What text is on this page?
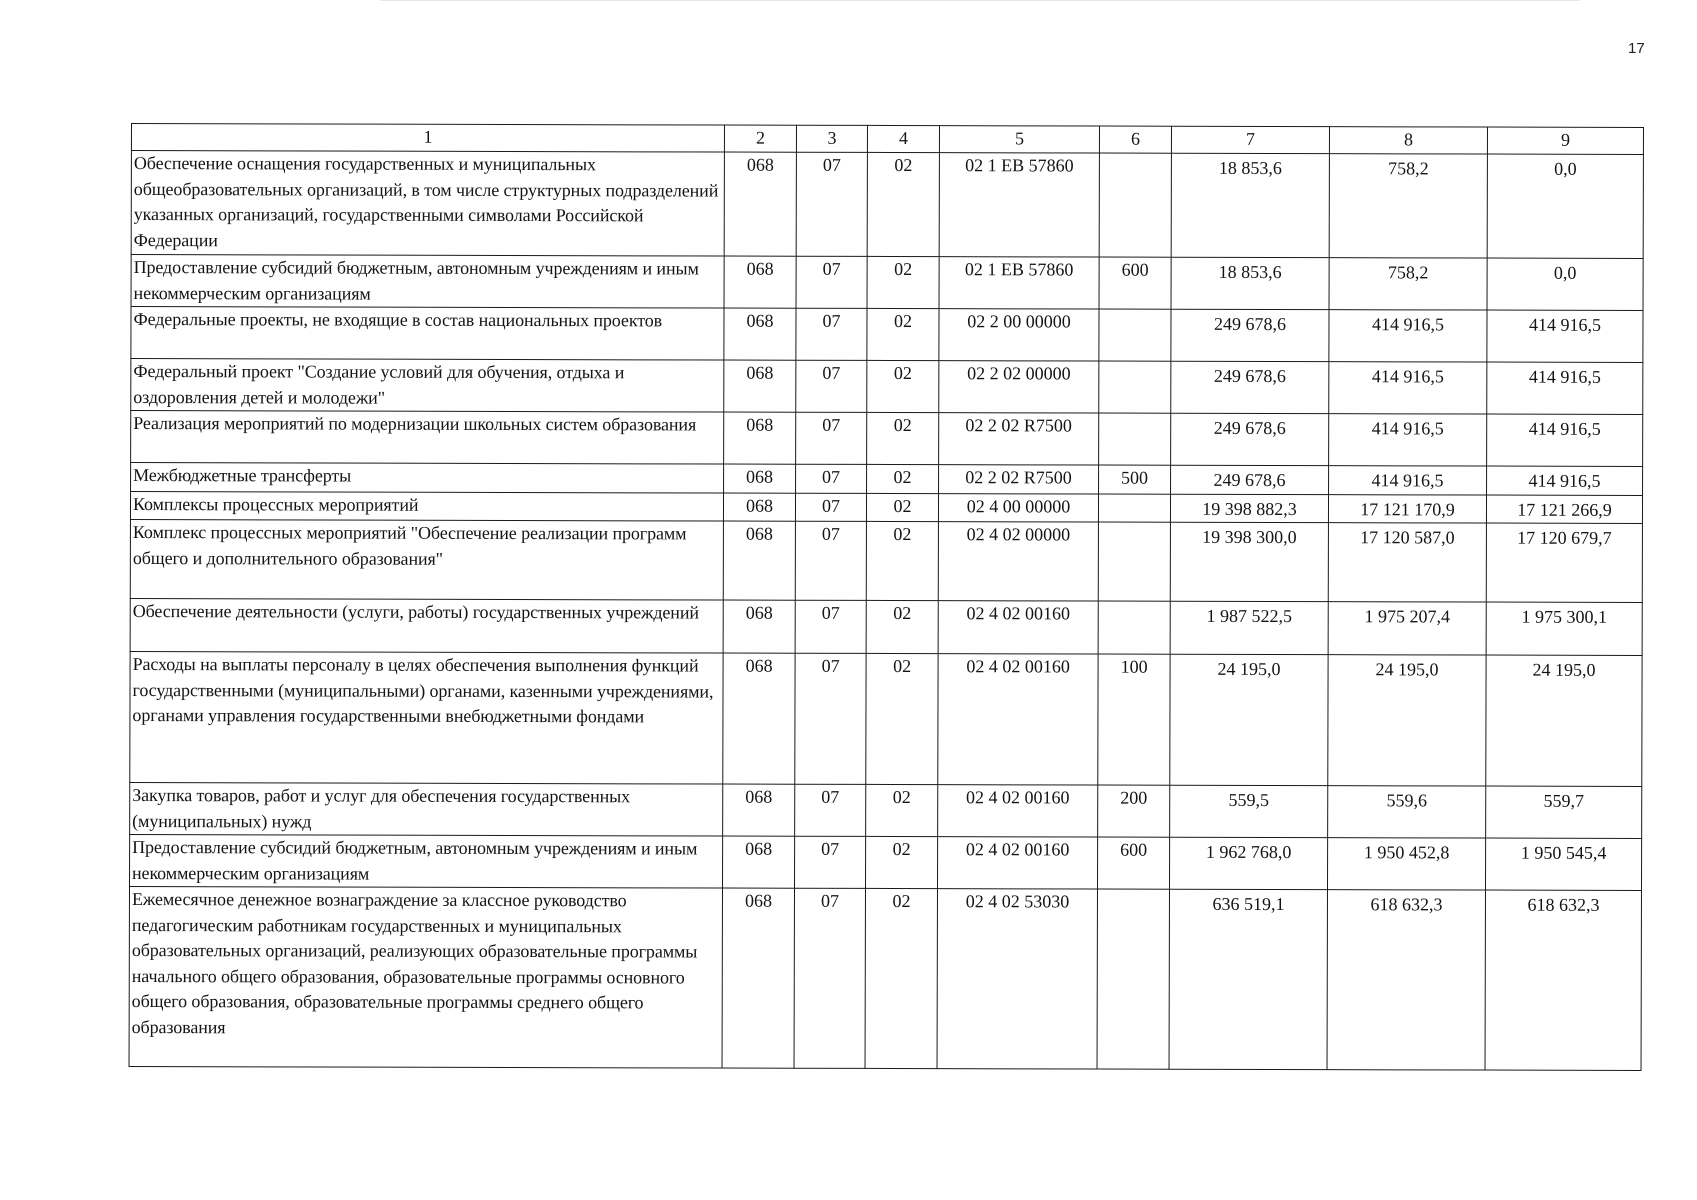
17
1	2	3	4	5	6	7	8	9
Обеспечение оснащения государственных и муниципальных общеобразовательных организаций, в том числе структурных подразделений указанных организаций, государственными символами Российской Федерации	068	07	02	02 1 EB 57860		18 853,6	758,2	0,0
Предоставление субсидий бюджетным, автономным учреждениям и иным некоммерческим организациям	068	07	02	02 1 EB 57860	600	18 853,6	758,2	0,0
Федеральные проекты, не входящие в состав национальных проектов	068	07	02	02 2 00 00000		249 678,6	414 916,5	414 916,5
Федеральный проект "Создание условий для обучения, отдыха и оздоровления детей и молодежи"	068	07	02	02 2 02 00000		249 678,6	414 916,5	414 916,5
Реализация мероприятий по модернизации школьных систем образования	068	07	02	02 2 02 R7500		249 678,6	414 916,5	414 916,5
Межбюджетные трансферты	068	07	02	02 2 02 R7500	500	249 678,6	414 916,5	414 916,5
Комплексы процессных мероприятий	068	07	02	02 4 00 00000		19 398 882,3	17 121 170,9	17 121 266,9
Комплекс процессных мероприятий "Обеспечение реализации программ общего и дополнительного образования"	068	07	02	02 4 02 00000		19 398 300,0	17 120 587,0	17 120 679,7
Обеспечение деятельности (услуги, работы) государственных учреждений	068	07	02	02 4 02 00160		1 987 522,5	1 975 207,4	1 975 300,1
Расходы на выплаты персоналу в целях обеспечения выполнения функций государственными (муниципальными) органами, казенными учреждениями, органами управления государственными внебюджетными фондами	068	07	02	02 4 02 00160	100	24 195,0	24 195,0	24 195,0
Закупка товаров, работ и услуг для обеспечения государственных (муниципальных) нужд	068	07	02	02 4 02 00160	200	559,5	559,6	559,7
Предоставление субсидий бюджетным, автономным учреждениям и иным некоммерческим организациям	068	07	02	02 4 02 00160	600	1 962 768,0	1 950 452,8	1 950 545,4
Ежемесячное денежное вознаграждение за классное руководство педагогическим работникам государственных и муниципальных образовательных организаций, реализующих образовательные программы начального общего образования, образовательные программы основного общего образования, образовательные программы среднего общего образования	068	07	02	02 4 02 53030		636 519,1	618 632,3	618 632,3
